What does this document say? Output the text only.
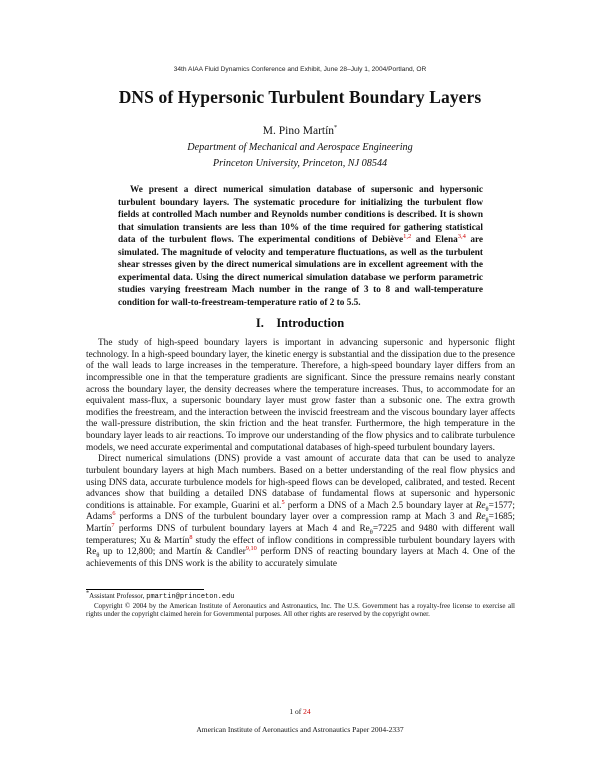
34th AIAA Fluid Dynamics Conference and Exhibit, June 28–July 1, 2004/Portland, OR
DNS of Hypersonic Turbulent Boundary Layers
M. Pino Martín*
Department of Mechanical and Aerospace Engineering
Princeton University, Princeton, NJ 08544
We present a direct numerical simulation database of supersonic and hypersonic turbulent boundary layers. The systematic procedure for initializing the turbulent flow fields at controlled Mach number and Reynolds number conditions is described. It is shown that simulation transients are less than 10% of the time required for gathering statistical data of the turbulent flows. The experimental conditions of Debiève$^{1,2}$ and Elena$^{3,4}$ are simulated. The magnitude of velocity and temperature fluctuations, as well as the turbulent shear stresses given by the direct numerical simulations are in excellent agreement with the experimental data. Using the direct numerical simulation database we perform parametric studies varying freestream Mach number in the range of 3 to 8 and wall-temperature condition for wall-to-freestream-temperature ratio of 2 to 5.5.
I. Introduction

The study of high-speed boundary layers is important in advancing supersonic and hypersonic flight technology. In a high-speed boundary layer, the kinetic energy is substantial and the dissipation due to the presence of the wall leads to large increases in the temperature. Therefore, a high-speed boundary layer differs from an incompressible one in that the temperature gradients are significant. Since the pressure remains nearly constant across the boundary layer, the density decreases where the temperature increases. Thus, to accommodate for an equivalent mass-flux, a supersonic boundary layer must grow faster than a subsonic one. The extra growth modifies the freestream, and the interaction between the inviscid freestream and the viscous boundary layer affects the wall-pressure distribution, the skin friction and the heat transfer. Furthermore, the high temperature in the boundary layer leads to air reactions. To improve our understanding of the flow physics and to calibrate turbulence models, we need accurate experimental and computational databases of high-speed turbulent boundary layers.

Direct numerical simulations (DNS) provide a vast amount of accurate data that can be used to analyze turbulent boundary layers at high Mach numbers. Based on a better understanding of the real flow physics and using DNS data, accurate turbulence models for high-speed flows can be developed, calibrated, and tested. Recent advances show that building a detailed DNS database of fundamental flows at supersonic and hypersonic conditions is attainable. For example, Guarini et al.$^5$ perform a DNS of a Mach 2.5 boundary layer at $Re_\theta=1577$; Adams$^6$ performs a DNS of the turbulent boundary layer over a compression ramp at Mach 3 and $Re_\theta=1685$; Martín$^7$ performs DNS of turbulent boundary layers at Mach 4 and $Re_\theta=7225$ and 9480 with different wall temperatures; Xu & Martín$^8$ study the effect of inflow conditions in compressible turbulent boundary layers with $Re_\theta$ up to 12,800; and Martín & Candler$^{9,10}$ perform DNS of reacting boundary layers at Mach 4. One of the achievements of this DNS work is the ability to accurately simulate

*Assistant Professor, pmartin@princeton.edu

Copyright © 2004 by the American Institute of Aeronautics and Astronautics, Inc. The U.S. Government has a royalty-free license to exercise all rights under the copyright claimed herein for Governmental purposes. All other rights are reserved by the copyright owner.

1 of 24
American Institute of Aeronautics and Astronautics Paper 2004-2337
